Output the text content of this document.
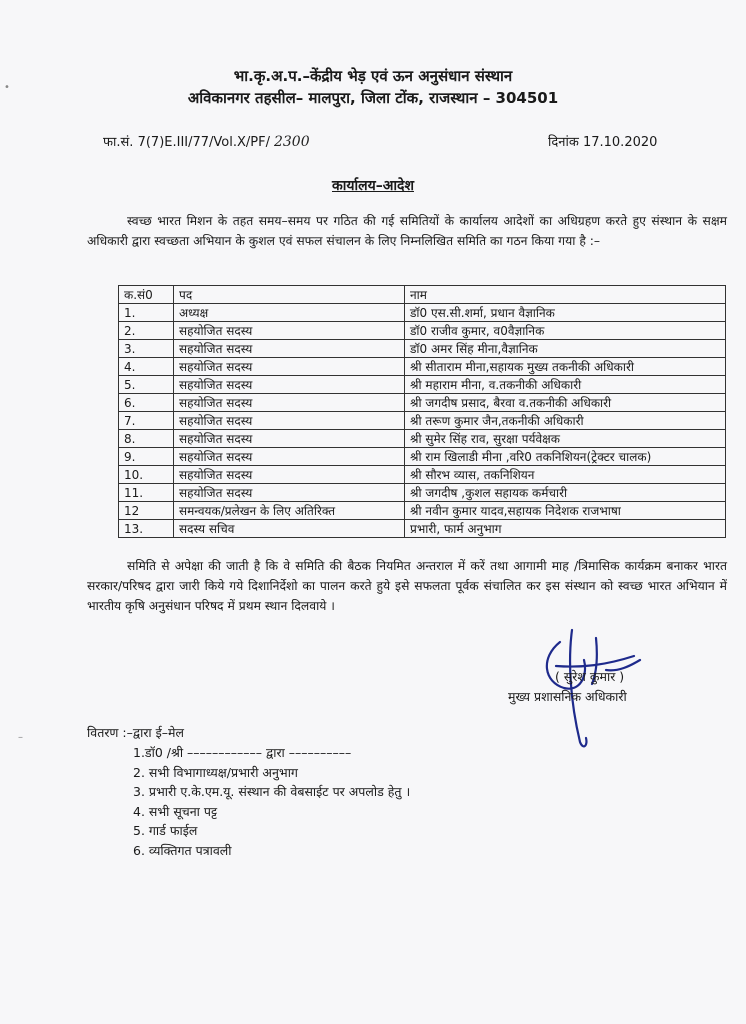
भा.कृ.अ.प.–केंद्रीय भेड़ एवं ऊन अनुसंधान संस्थान
अविकानगर तहसील– मालपुरा, जिला टोंक, राजस्थान – 304501
फा.सं. 7(7)E.III/77/Vol.X/PF/ 2300	दिनांक 17.10.2020
कार्यालय–आदेश
स्वच्छ भारत मिशन के तहत समय–समय पर गठित की गई समितियों के कार्यालय आदेशों का अधिग्रहण करते हुए संस्थान के सक्षम अधिकारी द्वारा स्वच्छता अभियान के कुशल एवं सफल संचालन के लिए निम्नलिखित समिति का गठन किया गया है :–
क.सं0	पद	नाम
1.	अध्यक्ष	डॉ0 एस.सी.शर्मा, प्रधान वैज्ञानिक
2.	सहयोजित सदस्य	डॉ0 राजीव कुमार, व0वैज्ञानिक
3.	सहयोजित सदस्य	डॉ0 अमर सिंह मीना,वैज्ञानिक
4.	सहयोजित सदस्य	श्री सीताराम मीना,सहायक मुख्य तकनीकी अधिकारी
5.	सहयोजित सदस्य	श्री महाराम मीना, व.तकनीकी अधिकारी
6.	सहयोजित सदस्य	श्री जगदीष प्रसाद, बैरवा व.तकनीकी अधिकारी
7.	सहयोजित सदस्य	श्री तरूण कुमार जैन,तकनीकी अधिकारी
8.	सहयोजित सदस्य	श्री सुमेर सिंह राव, सुरक्षा पर्यवेक्षक
9.	सहयोजित सदस्य	श्री राम खिलाडी मीना ,वरि0 तकनिशियन(ट्रेक्टर चालक)
10.	सहयोजित सदस्य	श्री सौरभ व्यास, तकनिशियन
11.	सहयोजित सदस्य	श्री जगदीष ,कुशल सहायक कर्मचारी
12	समन्वयक/प्रलेखन के लिए अतिरिक्त	श्री नवीन कुमार यादव,सहायक निदेशक राजभाषा
13.	सदस्य सचिव	प्रभारी, फार्म अनुभाग
समिति से अपेक्षा की जाती है कि वे समिति की बैठक नियमित अन्तराल में करें तथा आगामी माह /त्रिमासिक कार्यक्रम बनाकर भारत सरकार/परिषद द्वारा जारी किये गये दिशानिर्देशो का पालन करते हुये इसे सफलता पूर्वक संचालित कर इस संस्थान को स्वच्छ भारत अभियान में भारतीय कृषि अनुसंधान परिषद में प्रथम स्थान दिलवाये ।
( सुरेश कुमार )
मुख्य प्रशासनिक अधिकारी
वितरण :–द्वारा ई–मेल
1.डॉ0 /श्री –––––––––––– द्वारा ––––––––––
2. सभी विभागाध्यक्ष/प्रभारी अनुभाग
3. प्रभारी ए.के.एम.यू. संस्थान की वेबसाईट पर अपलोड हेतु ।
4. सभी सूचना पट्ट
5. गार्ड फाईल
6. व्यक्तिगत पत्रावली
•
–
